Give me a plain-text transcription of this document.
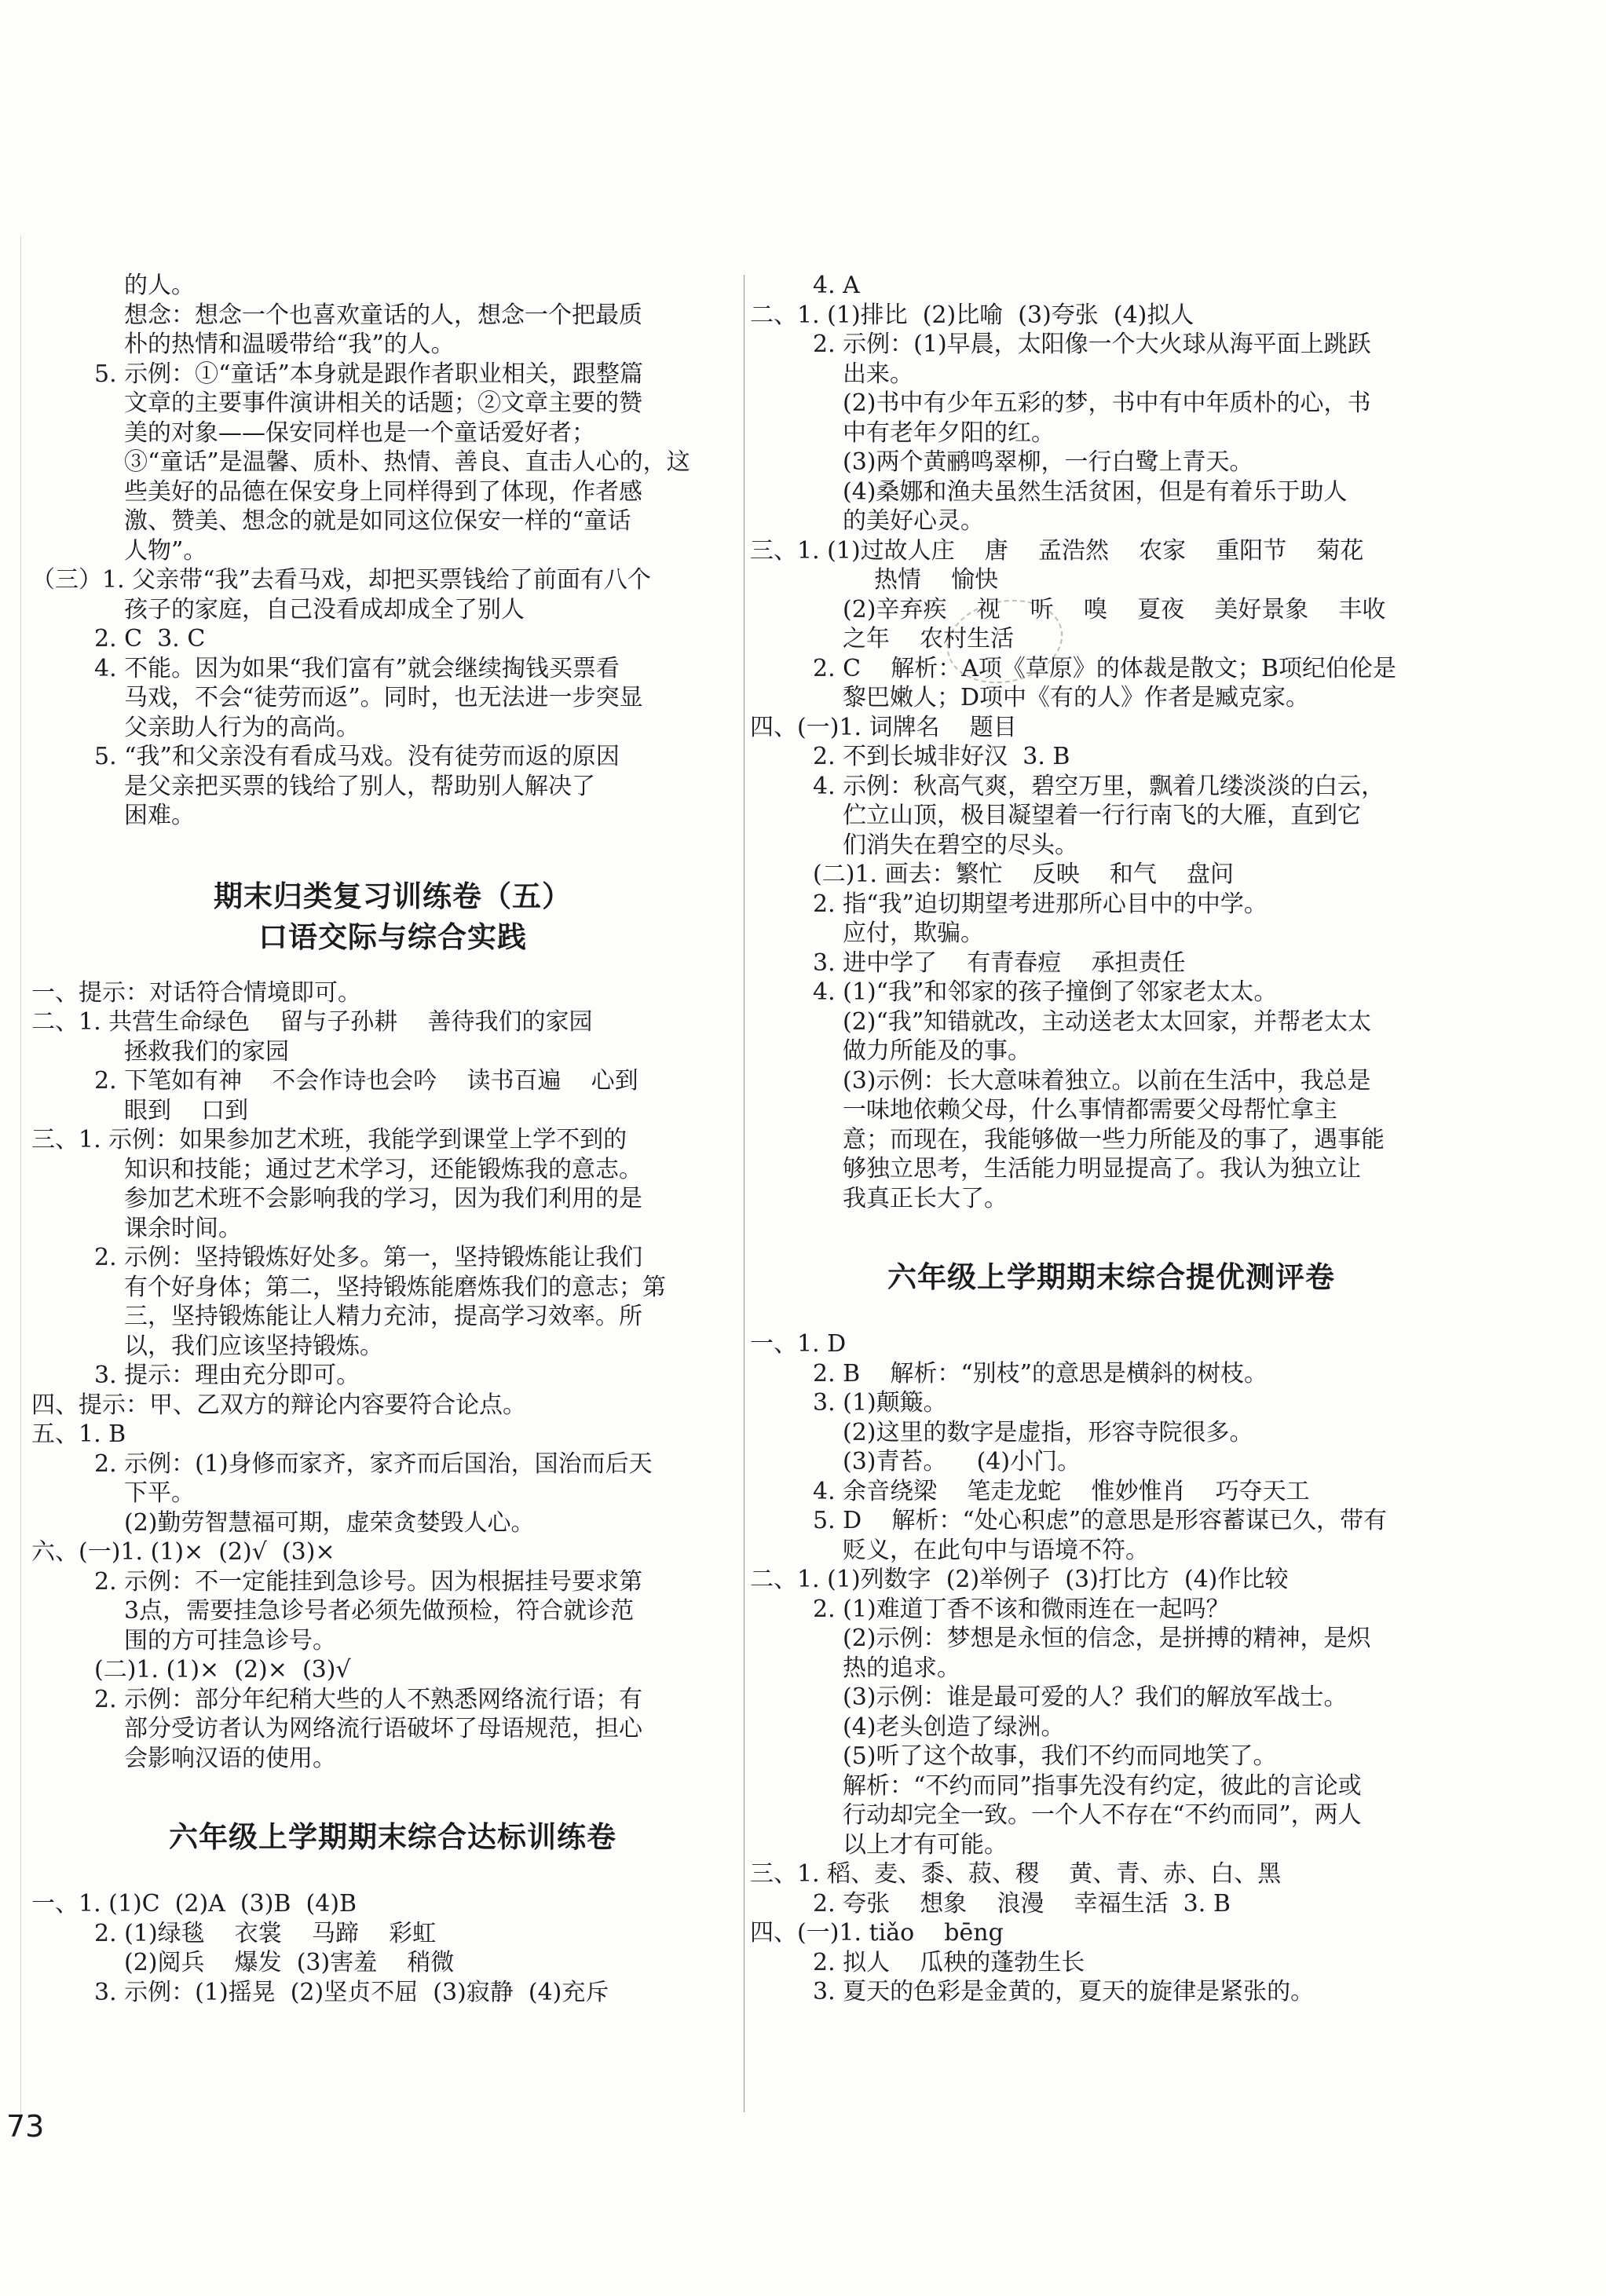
的人。
想念：想念一个也喜欢童话的人，想念一个把最质
朴的热情和温暖带给“我”的人。
5. 示例：①“童话”本身就是跟作者职业相关，跟整篇
文章的主要事件演讲相关的话题；②文章主要的赞
美的对象——保安同样也是一个童话爱好者；
③“童话”是温馨、质朴、热情、善良、直击人心的，这
些美好的品德在保安身上同样得到了体现，作者感
激、赞美、想念的就是如同这位保安一样的“童话
人物”。
（三）1. 父亲带“我”去看马戏，却把买票钱给了前面有八个
孩子的家庭，自己没看成却成全了别人
2. C  3. C
4. 不能。因为如果“我们富有”就会继续掏钱买票看
马戏，不会“徒劳而返”。同时，也无法进一步突显
父亲助人行为的高尚。
5. “我”和父亲没有看成马戏。没有徒劳而返的原因
是父亲把买票的钱给了别人，帮助别人解决了
困难。
期末归类复习训练卷（五）
口语交际与综合实践
一、提示：对话符合情境即可。
二、1. 共营生命绿色    留与子孙耕    善待我们的家园
拯救我们的家园
2. 下笔如有神    不会作诗也会吟    读书百遍    心到
眼到    口到
三、1. 示例：如果参加艺术班，我能学到课堂上学不到的
知识和技能；通过艺术学习，还能锻炼我的意志。
参加艺术班不会影响我的学习，因为我们利用的是
课余时间。
2. 示例：坚持锻炼好处多。第一，坚持锻炼能让我们
有个好身体；第二，坚持锻炼能磨炼我们的意志；第
三，坚持锻炼能让人精力充沛，提高学习效率。所
以，我们应该坚持锻炼。
3. 提示：理由充分即可。
四、提示：甲、乙双方的辩论内容要符合论点。
五、1. B
2. 示例：(1)身修而家齐，家齐而后国治，国治而后天
下平。
(2)勤劳智慧福可期，虚荣贪婪毁人心。
六、(一)1. (1)×  (2)√  (3)×
2. 示例：不一定能挂到急诊号。因为根据挂号要求第
3点，需要挂急诊号者必须先做预检，符合就诊范
围的方可挂急诊号。
(二)1. (1)×  (2)×  (3)√
2. 示例：部分年纪稍大些的人不熟悉网络流行语；有
部分受访者认为网络流行语破坏了母语规范，担心
会影响汉语的使用。
六年级上学期期末综合达标训练卷
一、1. (1)C  (2)A  (3)B  (4)B
2. (1)绿毯    衣裳    马蹄    彩虹
(2)阅兵    爆发  (3)害羞    稍微
3. 示例：(1)摇晃  (2)坚贞不屈  (3)寂静  (4)充斥
4. A
二、1. (1)排比  (2)比喻  (3)夸张  (4)拟人
2. 示例：(1)早晨，太阳像一个大火球从海平面上跳跃
出来。
(2)书中有少年五彩的梦，书中有中年质朴的心，书
中有老年夕阳的红。
(3)两个黄鹂鸣翠柳，一行白鹭上青天。
(4)桑娜和渔夫虽然生活贫困，但是有着乐于助人
的美好心灵。
三、1. (1)过故人庄    唐    孟浩然    农家    重阳节    菊花
热情    愉快
(2)辛弃疾    视    听    嗅    夏夜    美好景象    丰收
之年    农村生活
2. C    解析：A项《草原》的体裁是散文；B项纪伯伦是
黎巴嫩人；D项中《有的人》作者是臧克家。
四、(一)1. 词牌名    题目
2. 不到长城非好汉  3. B
4. 示例：秋高气爽，碧空万里，飘着几缕淡淡的白云，
伫立山顶，极目凝望着一行行南飞的大雁，直到它
们消失在碧空的尽头。
(二)1. 画去：繁忙    反映    和气    盘问
2. 指“我”迫切期望考进那所心目中的中学。
应付，欺骗。
3. 进中学了    有青春痘    承担责任
4. (1)“我”和邻家的孩子撞倒了邻家老太太。
(2)“我”知错就改，主动送老太太回家，并帮老太太
做力所能及的事。
(3)示例：长大意味着独立。以前在生活中，我总是
一味地依赖父母，什么事情都需要父母帮忙拿主
意；而现在，我能够做一些力所能及的事了，遇事能
够独立思考，生活能力明显提高了。我认为独立让
我真正长大了。
六年级上学期期末综合提优测评卷
一、1. D
2. B    解析：“别枝”的意思是横斜的树枝。
3. (1)颠簸。
(2)这里的数字是虚指，形容寺院很多。
(3)青苔。    (4)小门。
4. 余音绕梁    笔走龙蛇    惟妙惟肖    巧夺天工
5. D    解析：“处心积虑”的意思是形容蓄谋已久，带有
贬义，在此句中与语境不符。
二、1. (1)列数字  (2)举例子  (3)打比方  (4)作比较
2. (1)难道丁香不该和微雨连在一起吗？
(2)示例：梦想是永恒的信念，是拼搏的精神，是炽
热的追求。
(3)示例：谁是最可爱的人？我们的解放军战士。
(4)老头创造了绿洲。
(5)听了这个故事，我们不约而同地笑了。
解析：“不约而同”指事先没有约定，彼此的言论或
行动却完全一致。一个人不存在“不约而同”，两人
以上才有可能。
三、1. 稻、麦、黍、菽、稷    黄、青、赤、白、黑
2. 夸张    想象    浪漫    幸福生活  3. B
四、(一)1. tiǎo    bēng
2. 拟人    瓜秧的蓬勃生长
3. 夏天的色彩是金黄的，夏天的旋律是紧张的。
73
